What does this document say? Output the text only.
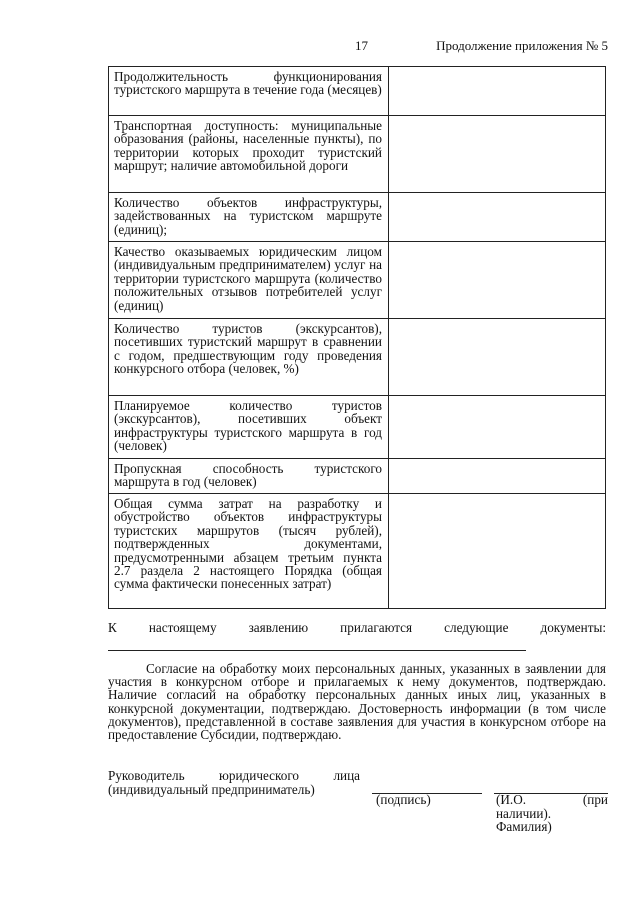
17	Продолжение приложения № 5
Продолжительность функционирования туристского маршрута в течение года (месяцев)	
Транспортная доступность: муниципальные образования (районы, населенные пункты), по территории которых проходит туристский маршрут; наличие автомобильной дороги	
Количество объектов инфраструктуры, задействованных на туристском маршруте (единиц);	
Качество оказываемых юридическим лицом (индивидуальным предпринимателем) услуг на территории туристского маршрута (количество положительных отзывов потребителей услуг (единиц)	
Количество туристов (экскурсантов), посетивших туристский маршрут в сравнении с годом, предшествующим году проведения конкурсного отбора (человек, %)	
Планируемое количество туристов (экскурсантов), посетивших объект инфраструктуры туристского маршрута в год (человек)	
Пропускная способность туристского маршрута в год (человек)	
Общая сумма затрат на разработку и обустройство объектов инфраструктуры туристских маршрутов (тысяч рублей), подтвержденных документами, предусмотренными абзацем третьим пункта 2.7 раздела 2 настоящего Порядка (общая сумма фактически понесенных затрат)	
К настоящему заявлению прилагаются следующие документы:
Согласие на обработку моих персональных данных, указанных в заявлении для участия в конкурсном отборе и прилагаемых к нему документов, подтверждаю. Наличие согласий на обработку персональных данных иных лиц, указанных в конкурсной документации, подтверждаю. Достоверность информации (в том числе документов), представленной в составе заявления для участия в конкурсном отборе на предоставление Субсидии, подтверждаю.
Руководитель юридического лица
(индивидуальный предприниматель)
(подпись)	(И.О. (при наличии). Фамилия)
